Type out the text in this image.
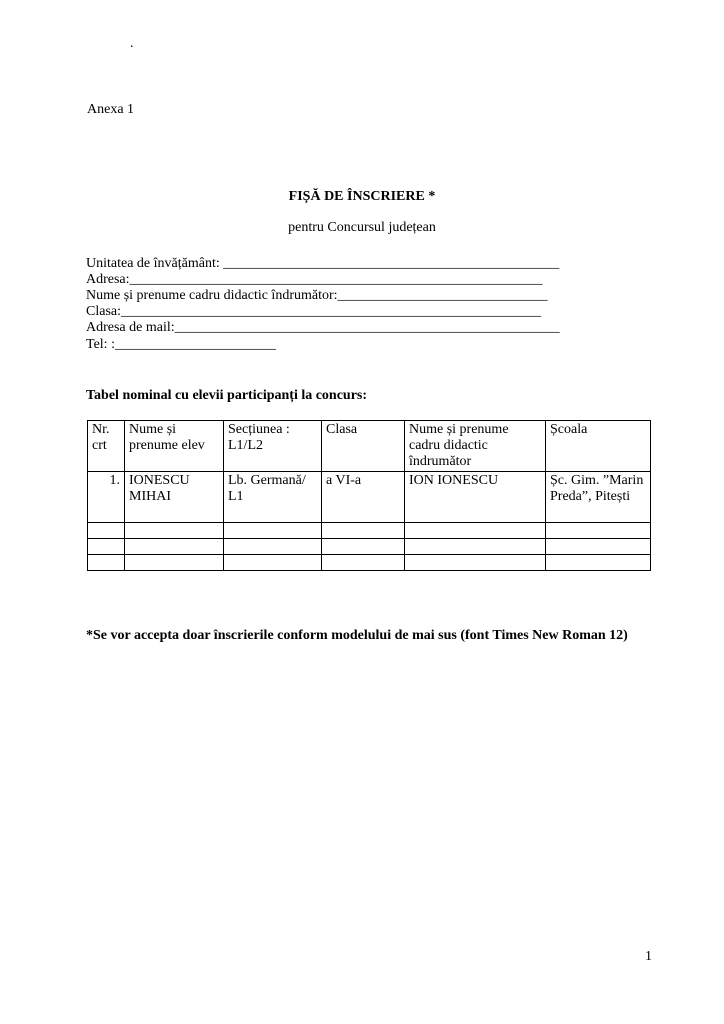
.
Anexa 1
FIȘĂ DE ÎNSCRIERE *
pentru Concursul județean
Unitatea de învățământ: ________________________________________________
Adresa:___________________________________________________________
Nume și prenume cadru didactic îndrumător:______________________________
Clasa:____________________________________________________________
Adresa de mail:_______________________________________________________
Tel: :_______________________
Tabel nominal cu elevii participanți la concurs:
Nr. crt	Nume și prenume elev	Secțiunea : L1/L2	Clasa	Nume și prenume cadru didactic îndrumător	Școala
1.	IONESCU MIHAI	Lb. Germană/ L1	a VI-a	ION IONESCU	Șc. Gim. ”Marin Preda”, Pitești

*Se vor accepta doar înscrierile conform modelului de mai sus (font Times New Roman 12)
1
